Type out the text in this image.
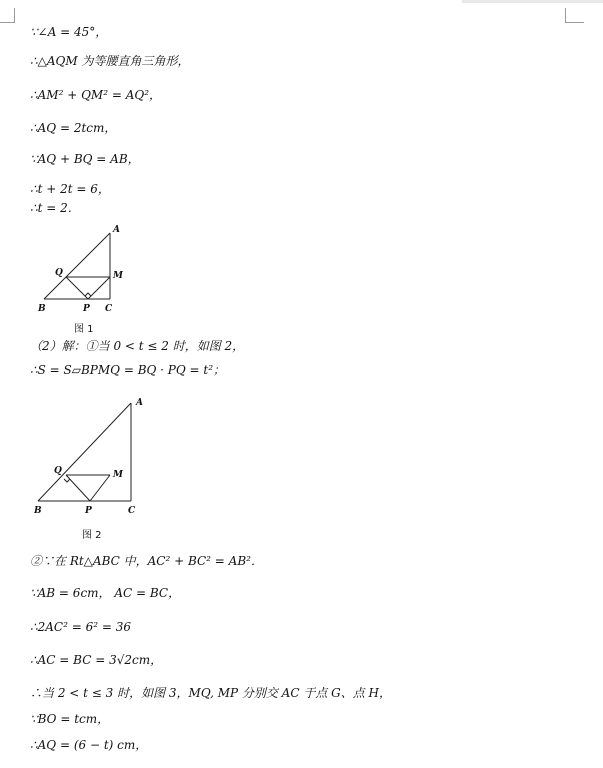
∵∠A = 45°，
∴△AQM 为等腰直角三角形，
∴AM² + QM² = AQ²，
∴AQ = 2tcm，
∵AQ + BQ = AB，
∴t + 2t = 6，
∴t = 2．
A
B	C
P
Q	M
图 1
（2）解：①当 0 < t ≤ 2 时，如图 2，
∴S = S▱BPMQ = BQ · PQ = t²；
A
B	C
P
Q	M
图 2
②∵在 Rt△ABC 中，AC² + BC² = AB²．
∵AB = 6cm， AC = BC，
∴2AC² = 6² = 36
∴AC = BC = 3√2cm，
∴当 2 < t ≤ 3 时，如图 3，MQ, MP 分别交 AC 于点 G、点 H，
∵BO = tcm，
∴AQ = (6 − t) cm，
